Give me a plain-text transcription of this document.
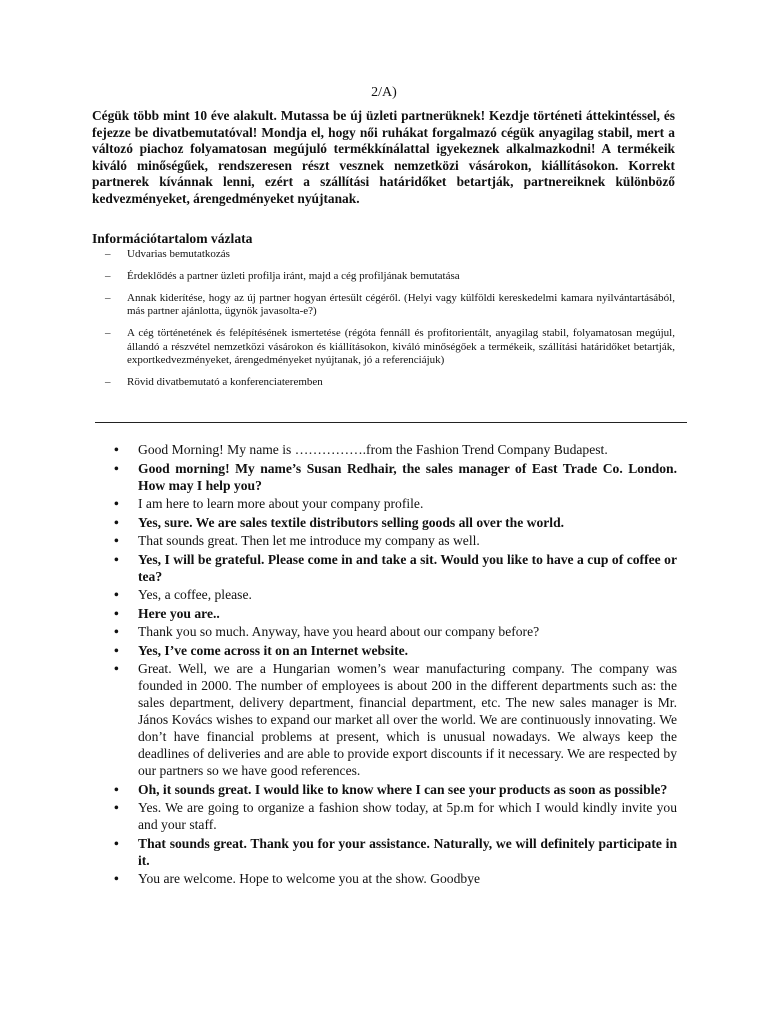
2/A)

Cégük több mint 10 éve alakult. Mutassa be új üzleti partnerüknek! Kezdje történeti áttekintéssel, és fejezze be divatbemutatóval! Mondja el, hogy női ruhákat forgalmazó cégük anyagilag stabil, mert a változó piachoz folyamatosan megújuló termékkínálattal igyekeznek alkalmazkodni! A termékeik kiváló minőségűek, rendszeresen részt vesznek nemzetközi vásárokon, kiállításokon. Korrekt partnerek kívánnak lenni, ezért a szállítási határidőket betartják, partnereiknek különböző kedvezményeket, árengedményeket nyújtanak.

Információtartalom vázlata
– Udvarias bemutatkozás
– Érdeklődés a partner üzleti profilja iránt, majd a cég profiljának bemutatása
– Annak kiderítése, hogy az új partner hogyan értesült cégéről. (Helyi vagy külföldi kereskedelmi kamara nyilvántartásából, más partner ajánlotta, ügynök javasolta-e?)
– A cég történetének és felépítésének ismertetése (régóta fennáll és profitorientált, anyagilag stabil, folyamatosan megújul, állandó a részvétel nemzetközi vásárokon és kiállításokon, kiváló minőségőek a termékeik, szállítási határidőket betartják, exportkedvezményeket, árengedményeket nyújtanak, jó a referenciájuk)
– Rövid divatbemutató a konferenciateremben
• Good Morning! My name is …………….from the Fashion Trend Company Budapest.
• Good morning! My name’s Susan Redhair, the sales manager of East Trade Co. London. How may I help you?
• I am here to learn more about your company profile.
• Yes, sure. We are sales textile distributors selling goods all over the world.
• That sounds great. Then let me introduce my company as well.
• Yes, I will be grateful. Please come in and take a sit. Would you like to have a cup of coffee or tea?
• Yes, a coffee, please.
• Here you are..
• Thank you so much. Anyway, have you heard about our company before?
• Yes, I’ve come across it on an Internet website.
• Great. Well, we are a Hungarian women’s wear manufacturing company. The company was founded in 2000. The number of employees is about 200 in the different departments such as: the sales department, delivery department, financial department, etc. The new sales manager is Mr. János Kovács wishes to expand our market all over the world. We are continuously innovating. We don’t have financial problems at present, which is unusual nowadays. We always keep the deadlines of deliveries and are able to provide export discounts if it necessary. We are respected by our partners so we have good references.
• Oh, it sounds great. I would like to know where I can see your products as soon as possible?
• Yes. We are going to organize a fashion show today, at 5p.m for which I would kindly invite you and your staff.
• That sounds great. Thank you for your assistance. Naturally, we will definitely participate in it.
• You are welcome. Hope to welcome you at the show. Goodbye
